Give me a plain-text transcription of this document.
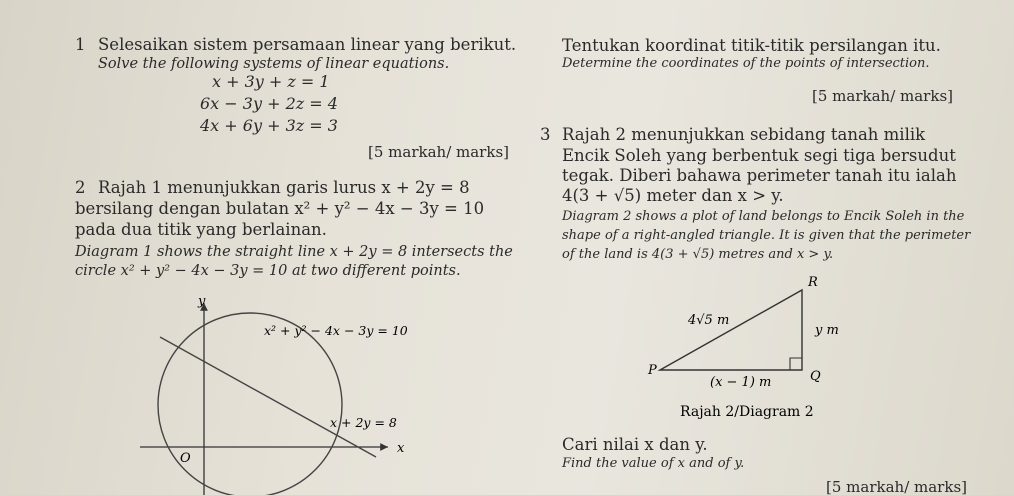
1 Selesaikan sistem persamaan linear yang berikut.
Solve the following systems of linear equations.
x + 3y + z = 1
6x − 3y + 2z = 4
4x + 6y + 3z = 3
[5 markah/ marks]
2 Rajah 1 menunjukkan garis lurus x + 2y = 8
bersilang dengan bulatan x² + y² − 4x − 3y = 10
pada dua titik yang berlainan.
Diagram 1 shows the straight line x + 2y = 8 intersects the
circle x² + y² − 4x − 3y = 10 at two different points.
y
x
O
x² + y² − 4x − 3y = 10
x + 2y = 8
Tentukan koordinat titik-titik persilangan itu.
Determine the coordinates of the points of intersection.
[5 markah/ marks]
3 Rajah 2 menunjukkan sebidang tanah milik
Encik Soleh yang berbentuk segi tiga bersudut
tegak. Diberi bahawa perimeter tanah itu ialah
4(3 + √5) meter dan x > y.
Diagram 2 shows a plot of land belongs to Encik Soleh in the
shape of a right-angled triangle. It is given that the perimeter
of the land is 4(3 + √5) metres and x > y.
R
P	Q
4√5 m
y m
(x − 1) m
Rajah 2/Diagram 2
Cari nilai x dan y.
Find the value of x and of y.
[5 markah/ marks]
